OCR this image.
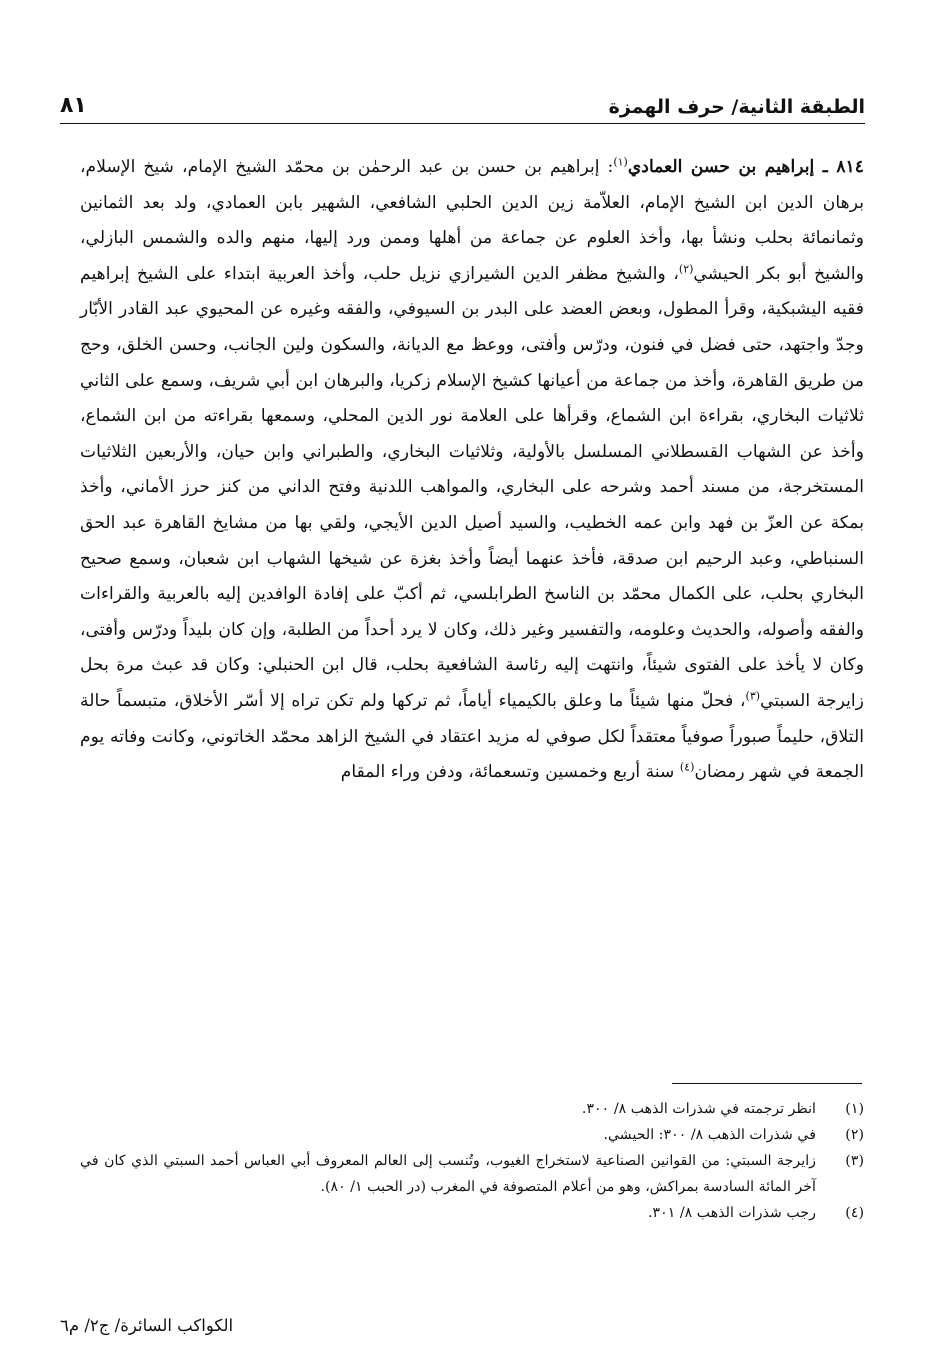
٨١	الطبقة الثانية/ حرف الهمزة
٨١٤ ـ إبراهيم بن حسن العمادي$^{(١)}$: إبراهيم بن حسن بن عبد الرحمٰن بن محمّد الشيخ الإمام، شيخ الإسلام، برهان الدين ابن الشيخ الإمام، العلاّمة زين الدين الحلبي الشافعي، الشهير بابن العمادي، ولد بعد الثمانين وثمانمائة بحلب ونشأ بها، وأخذ العلوم عن جماعة من أهلها وممن ورد إليها، منهم والده والشمس البازلي، والشيخ أبو بكر الحيشي$^{(٢)}$، والشيخ مظفر الدين الشيرازي نزيل حلب، وأخذ العربية ابتداء على الشيخ إبراهيم فقيه اليشبكية، وقرأ المطول، وبعض العضد على البدر بن السيوفي، والفقه وغيره عن المحيوي عبد القادر الأبّار وجدّ واجتهد، حتى فضل في فنون، ودرّس وأفتى، ووعظ مع الديانة، والسكون ولين الجانب، وحسن الخلق، وحج من طريق القاهرة، وأخذ من جماعة من أعيانها كشيخ الإسلام زكريا، والبرهان ابن أبي شريف، وسمع على الثاني ثلاثيات البخاري، بقراءة ابن الشماع، وقرأها على العلامة نور الدين المحلي، وسمعها بقراءته من ابن الشماع، وأخذ عن الشهاب القسطلاني المسلسل بالأولية، وثلاثيات البخاري، والطبراني وابن حيان، والأربعين الثلاثيات المستخرجة، من مسند أحمد وشرحه على البخاري، والمواهب اللدنية وفتح الداني من كنز حرز الأماني، وأخذ بمكة عن العزّ بن فهد وابن عمه الخطيب، والسيد أصيل الدين الأيجي، ولقي بها من مشايخ القاهرة عبد الحق السنباطي، وعبد الرحيم ابن صدقة، فأخذ عنهما أيضاً وأخذ بغزة عن شيخها الشهاب ابن شعبان، وسمع صحيح البخاري بحلب، على الكمال محمّد بن الناسخ الطرابلسي، ثم أكبّ على إفادة الوافدين إليه بالعربية والقراءات والفقه وأصوله، والحديث وعلومه، والتفسير وغير ذلك، وكان لا يرد أحداً من الطلبة، وإن كان بليداً ودرّس وأفتى، وكان لا يأخذ على الفتوى شيئاً، وانتهت إليه رئاسة الشافعية بحلب، قال ابن الحنبلي: وكان قد عبث مرة بحل زايرجة السبتي$^{(٣)}$، فحلّ منها شيئاً ما وعلق بالكيمياء أياماً، ثم تركها ولم تكن تراه إلا أسّر الأخلاق، متبسماً حالة التلاق، حليماً صبوراً صوفياً معتقداً لكل صوفي له مزيد اعتقاد في الشيخ الزاهد محمّد الخاتوني، وكانت وفاته يوم الجمعة في شهر رمضان$^{(٤)}$ سنة أربع وخمسين وتسعمائة، ودفن وراء المقام
(١)
انظر ترجمته في شذرات الذهب ٨/ ٣٠٠.
(٢)
في شذرات الذهب ٨/ ٣٠٠: الحيشي.
(٣)
زايرجة السبتي: من القوانين الصناعية لاستخراج الغيوب، وتُنسب إلى العالم المعروف أبي العباس أحمد السبتي الذي كان في آخر المائة السادسة بمراكش، وهو من أعلام المتصوفة في المغرب (در الحبب ١/ ٨٠).
(٤)
رجب شذرات الذهب ٨/ ٣٠١.
الكواكب السائرة/ ج٢/ م٦
